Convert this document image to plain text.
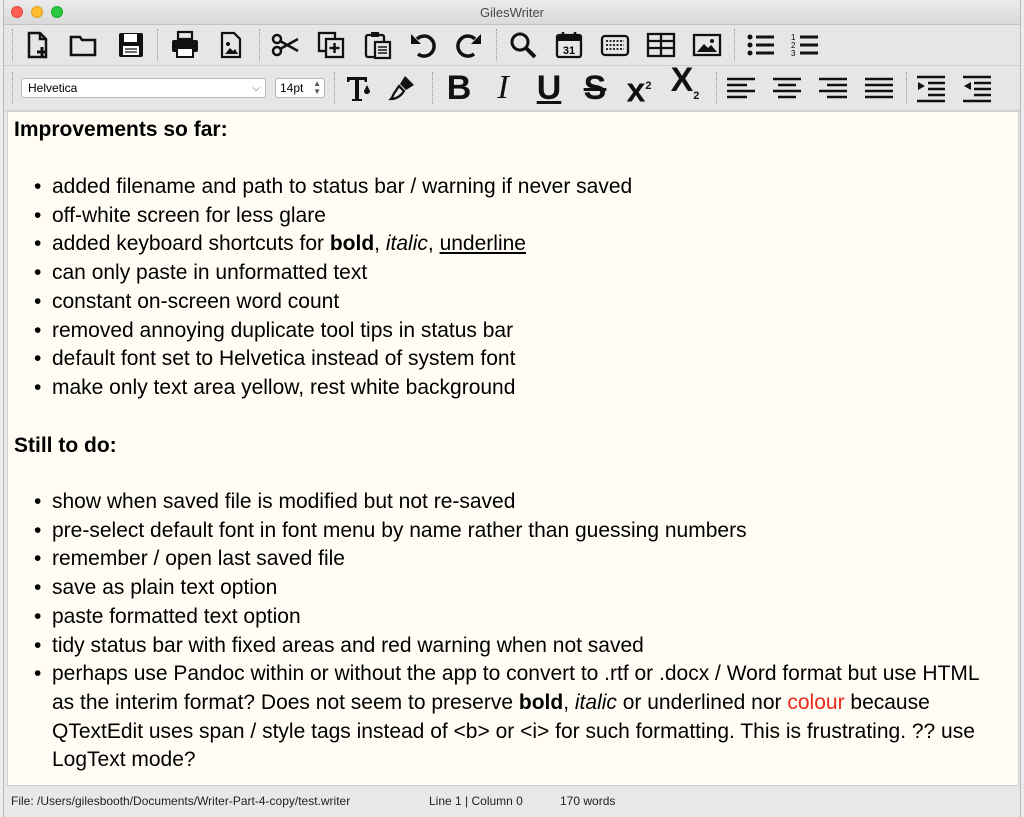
GilesWriter
31
1
2
3
Helvetica	⌵	14pt ▲
▼	B I U S $x^2$ $X_2$
Improvements so far:
• added filename and path to status bar / warning if never saved
• off-white screen for less glare
• added keyboard shortcuts for bold, italic, underline
• can only paste in unformatted text
• constant on-screen word count
• removed annoying duplicate tool tips in status bar
• default font set to Helvetica instead of system font
• make only text area yellow, rest white background
Still to do:
• show when saved file is modified but not re-saved
• pre-select default font in font menu by name rather than guessing numbers
• remember / open last saved file
• save as plain text option
• paste formatted text option
• tidy status bar with fixed areas and red warning when not saved
• perhaps use Pandoc within or without the app to convert to .rtf or .docx / Word format but use HTML as the interim format? Does not seem to preserve bold, italic or underlined nor colour because QTextEdit uses span / style tags instead of <b> or <i> for such formatting. This is frustrating. ?? use LogText mode?
File: /Users/gilesbooth/Documents/Writer-Part-4-copy/test.writer	Line 1 | Column 0	170 words
